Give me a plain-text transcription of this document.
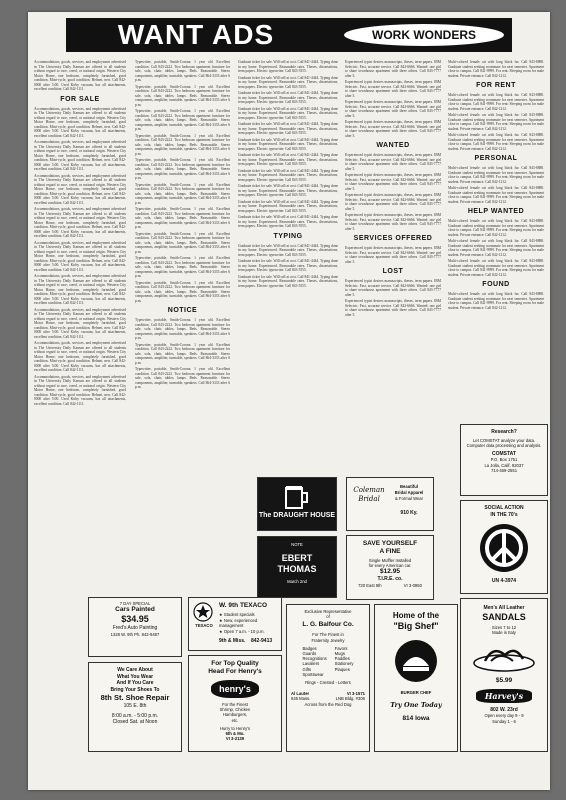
WANT ADS	WORK WONDERS

Accommodations, goods, services, and employment advertised in The University Daily Kansan are offered to all students without regard to race, creed, or national origin. Western City Motor Home, one bedroom, completely furnished, good condition. Mini-cycle, good condition. Helmet, new. Call 842-0000 after 5:00. Used Kirby vacuum, has all attachments, excellent condition. Call 842-1111.

FOR SALE

Accommodations, goods, services, and employment advertised in The University Daily Kansan are offered to all students without regard to race, creed, or national origin. Western City Motor Home, one bedroom, completely furnished, good condition. Mini-cycle, good condition. Helmet, new. Call 842-0000 after 5:00. Used Kirby vacuum, has all attachments, excellent condition. Call 842-1111.

Accommodations, goods, services, and employment advertised in The University Daily Kansan are offered to all students without regard to race, creed, or national origin. Western City Motor Home, one bedroom, completely furnished, good condition. Mini-cycle, good condition. Helmet, new. Call 842-0000 after 5:00. Used Kirby vacuum, has all attachments, excellent condition. Call 842-1111.

Accommodations, goods, services, and employment advertised in The University Daily Kansan are offered to all students without regard to race, creed, or national origin. Western City Motor Home, one bedroom, completely furnished, good condition. Mini-cycle, good condition. Helmet, new. Call 842-0000 after 5:00. Used Kirby vacuum, has all attachments, excellent condition. Call 842-1111.

Accommodations, goods, services, and employment advertised in The University Daily Kansan are offered to all students without regard to race, creed, or national origin. Western City Motor Home, one bedroom, completely furnished, good condition. Mini-cycle, good condition. Helmet, new. Call 842-0000 after 5:00. Used Kirby vacuum, has all attachments, excellent condition. Call 842-1111.

Accommodations, goods, services, and employment advertised in The University Daily Kansan are offered to all students without regard to race, creed, or national origin. Western City Motor Home, one bedroom, completely furnished, good condition. Mini-cycle, good condition. Helmet, new. Call 842-0000 after 5:00. Used Kirby vacuum, has all attachments, excellent condition. Call 842-1111.

Accommodations, goods, services, and employment advertised in The University Daily Kansan are offered to all students without regard to race, creed, or national origin. Western City Motor Home, one bedroom, completely furnished, good condition. Mini-cycle, good condition. Helmet, new. Call 842-0000 after 5:00. Used Kirby vacuum, has all attachments, excellent condition. Call 842-1111.

Accommodations, goods, services, and employment advertised in The University Daily Kansan are offered to all students without regard to race, creed, or national origin. Western City Motor Home, one bedroom, completely furnished, good condition. Mini-cycle, good condition. Helmet, new. Call 842-0000 after 5:00. Used Kirby vacuum, has all attachments, excellent condition. Call 842-1111.

Accommodations, goods, services, and employment advertised in The University Daily Kansan are offered to all students without regard to race, creed, or national origin. Western City Motor Home, one bedroom, completely furnished, good condition. Mini-cycle, good condition. Helmet, new. Call 842-0000 after 5:00. Used Kirby vacuum, has all attachments, excellent condition. Call 842-1111.

Accommodations, goods, services, and employment advertised in The University Daily Kansan are offered to all students without regard to race, creed, or national origin. Western City Motor Home, one bedroom, completely furnished, good condition. Mini-cycle, good condition. Helmet, new. Call 842-0000 after 5:00. Used Kirby vacuum, has all attachments, excellent condition. Call 842-1111.

Typewriter, portable, Smith-Corona. 1 year old. Excellent condition. Call 843-2222. Two bedroom apartment furniture for sale, sofa, chair, tables, lamps. Beds. Reasonable. Stereo components, amplifier, turntable, speakers. Call 864-3333 after 6 p.m.

Typewriter, portable, Smith-Corona. 1 year old. Excellent condition. Call 843-2222. Two bedroom apartment furniture for sale, sofa, chair, tables, lamps. Beds. Reasonable. Stereo components, amplifier, turntable, speakers. Call 864-3333 after 6 p.m.

Typewriter, portable, Smith-Corona. 1 year old. Excellent condition. Call 843-2222. Two bedroom apartment furniture for sale, sofa, chair, tables, lamps. Beds. Reasonable. Stereo components, amplifier, turntable, speakers. Call 864-3333 after 6 p.m.

Typewriter, portable, Smith-Corona. 1 year old. Excellent condition. Call 843-2222. Two bedroom apartment furniture for sale, sofa, chair, tables, lamps. Beds. Reasonable. Stereo components, amplifier, turntable, speakers. Call 864-3333 after 6 p.m.

Typewriter, portable, Smith-Corona. 1 year old. Excellent condition. Call 843-2222. Two bedroom apartment furniture for sale, sofa, chair, tables, lamps. Beds. Reasonable. Stereo components, amplifier, turntable, speakers. Call 864-3333 after 6 p.m.

Typewriter, portable, Smith-Corona. 1 year old. Excellent condition. Call 843-2222. Two bedroom apartment furniture for sale, sofa, chair, tables, lamps. Beds. Reasonable. Stereo components, amplifier, turntable, speakers. Call 864-3333 after 6 p.m.

Typewriter, portable, Smith-Corona. 1 year old. Excellent condition. Call 843-2222. Two bedroom apartment furniture for sale, sofa, chair, tables, lamps. Beds. Reasonable. Stereo components, amplifier, turntable, speakers. Call 864-3333 after 6 p.m.

Typewriter, portable, Smith-Corona. 1 year old. Excellent condition. Call 843-2222. Two bedroom apartment furniture for sale, sofa, chair, tables, lamps. Beds. Reasonable. Stereo components, amplifier, turntable, speakers. Call 864-3333 after 6 p.m.

Typewriter, portable, Smith-Corona. 1 year old. Excellent condition. Call 843-2222. Two bedroom apartment furniture for sale, sofa, chair, tables, lamps. Beds. Reasonable. Stereo components, amplifier, turntable, speakers. Call 864-3333 after 6 p.m.

Typewriter, portable, Smith-Corona. 1 year old. Excellent condition. Call 843-2222. Two bedroom apartment furniture for sale, sofa, chair, tables, lamps. Beds. Reasonable. Stereo components, amplifier, turntable, speakers. Call 864-3333 after 6 p.m.

NOTICE

Typewriter, portable, Smith-Corona. 1 year old. Excellent condition. Call 843-2222. Two bedroom apartment furniture for sale, sofa, chair, tables, lamps. Beds. Reasonable. Stereo components, amplifier, turntable, speakers. Call 864-3333 after 6 p.m.

Typewriter, portable, Smith-Corona. 1 year old. Excellent condition. Call 843-2222. Two bedroom apartment furniture for sale, sofa, chair, tables, lamps. Beds. Reasonable. Stereo components, amplifier, turntable, speakers. Call 864-3333 after 6 p.m.

Typewriter, portable, Smith-Corona. 1 year old. Excellent condition. Call 843-2222. Two bedroom apartment furniture for sale, sofa, chair, tables, lamps. Beds. Reasonable. Stereo components, amplifier, turntable, speakers. Call 864-3333 after 6 p.m.

Graduate ticket for sale. Will sell at cost. Call 841-4444. Typing done in my home. Experienced. Reasonable rates. Theses, dissertations, term papers. Electric typewriter. Call 843-5555.

Graduate ticket for sale. Will sell at cost. Call 841-4444. Typing done in my home. Experienced. Reasonable rates. Theses, dissertations, term papers. Electric typewriter. Call 843-5555.

Graduate ticket for sale. Will sell at cost. Call 841-4444. Typing done in my home. Experienced. Reasonable rates. Theses, dissertations, term papers. Electric typewriter. Call 843-5555.

Graduate ticket for sale. Will sell at cost. Call 841-4444. Typing done in my home. Experienced. Reasonable rates. Theses, dissertations, term papers. Electric typewriter. Call 843-5555.

Graduate ticket for sale. Will sell at cost. Call 841-4444. Typing done in my home. Experienced. Reasonable rates. Theses, dissertations, term papers. Electric typewriter. Call 843-5555.

Graduate ticket for sale. Will sell at cost. Call 841-4444. Typing done in my home. Experienced. Reasonable rates. Theses, dissertations, term papers. Electric typewriter. Call 843-5555.

Graduate ticket for sale. Will sell at cost. Call 841-4444. Typing done in my home. Experienced. Reasonable rates. Theses, dissertations, term papers. Electric typewriter. Call 843-5555.

Graduate ticket for sale. Will sell at cost. Call 841-4444. Typing done in my home. Experienced. Reasonable rates. Theses, dissertations, term papers. Electric typewriter. Call 843-5555.

Graduate ticket for sale. Will sell at cost. Call 841-4444. Typing done in my home. Experienced. Reasonable rates. Theses, dissertations, term papers. Electric typewriter. Call 843-5555.

Graduate ticket for sale. Will sell at cost. Call 841-4444. Typing done in my home. Experienced. Reasonable rates. Theses, dissertations, term papers. Electric typewriter. Call 843-5555.

Graduate ticket for sale. Will sell at cost. Call 841-4444. Typing done in my home. Experienced. Reasonable rates. Theses, dissertations, term papers. Electric typewriter. Call 843-5555.

TYPING

Graduate ticket for sale. Will sell at cost. Call 841-4444. Typing done in my home. Experienced. Reasonable rates. Theses, dissertations, term papers. Electric typewriter. Call 843-5555.

Graduate ticket for sale. Will sell at cost. Call 841-4444. Typing done in my home. Experienced. Reasonable rates. Theses, dissertations, term papers. Electric typewriter. Call 843-5555.

Graduate ticket for sale. Will sell at cost. Call 841-4444. Typing done in my home. Experienced. Reasonable rates. Theses, dissertations, term papers. Electric typewriter. Call 843-5555.

Experienced typist desires manuscripts, theses, term papers. IBM Selectric. Fast, accurate service. Call 842-6666. Wanted: one girl to share townhouse apartment with three others. Call 843-7777 after 5.

Experienced typist desires manuscripts, theses, term papers. IBM Selectric. Fast, accurate service. Call 842-6666. Wanted: one girl to share townhouse apartment with three others. Call 843-7777 after 5.

Experienced typist desires manuscripts, theses, term papers. IBM Selectric. Fast, accurate service. Call 842-6666. Wanted: one girl to share townhouse apartment with three others. Call 843-7777 after 5.

Experienced typist desires manuscripts, theses, term papers. IBM Selectric. Fast, accurate service. Call 842-6666. Wanted: one girl to share townhouse apartment with three others. Call 843-7777 after 5.

WANTED

Experienced typist desires manuscripts, theses, term papers. IBM Selectric. Fast, accurate service. Call 842-6666. Wanted: one girl to share townhouse apartment with three others. Call 843-7777 after 5.

Experienced typist desires manuscripts, theses, term papers. IBM Selectric. Fast, accurate service. Call 842-6666. Wanted: one girl to share townhouse apartment with three others. Call 843-7777 after 5.

Experienced typist desires manuscripts, theses, term papers. IBM Selectric. Fast, accurate service. Call 842-6666. Wanted: one girl to share townhouse apartment with three others. Call 843-7777 after 5.

Experienced typist desires manuscripts, theses, term papers. IBM Selectric. Fast, accurate service. Call 842-6666. Wanted: one girl to share townhouse apartment with three others. Call 843-7777 after 5.

SERVICES OFFERED

Experienced typist desires manuscripts, theses, term papers. IBM Selectric. Fast, accurate service. Call 842-6666. Wanted: one girl to share townhouse apartment with three others. Call 843-7777 after 5.

LOST

Experienced typist desires manuscripts, theses, term papers. IBM Selectric. Fast, accurate service. Call 842-6666. Wanted: one girl to share townhouse apartment with three others. Call 843-7777 after 5.

Experienced typist desires manuscripts, theses, term papers. IBM Selectric. Fast, accurate service. Call 842-6666. Wanted: one girl to share townhouse apartment with three others. Call 843-7777 after 5.

Multi-colored female cat with long black fur. Call 843-8888. Graduate student seeking roommate for next semester. Apartment close to campus. Call 841-9999. For rent: Sleeping room for male student. Private entrance. Call 842-1212.

FOR RENT

Multi-colored female cat with long black fur. Call 843-8888. Graduate student seeking roommate for next semester. Apartment close to campus. Call 841-9999. For rent: Sleeping room for male student. Private entrance. Call 842-1212.

Multi-colored female cat with long black fur. Call 843-8888. Graduate student seeking roommate for next semester. Apartment close to campus. Call 841-9999. For rent: Sleeping room for male student. Private entrance. Call 842-1212.

Multi-colored female cat with long black fur. Call 843-8888. Graduate student seeking roommate for next semester. Apartment close to campus. Call 841-9999. For rent: Sleeping room for male student. Private entrance. Call 842-1212.

PERSONAL

Multi-colored female cat with long black fur. Call 843-8888. Graduate student seeking roommate for next semester. Apartment close to campus. Call 841-9999. For rent: Sleeping room for male student. Private entrance. Call 842-1212.

Multi-colored female cat with long black fur. Call 843-8888. Graduate student seeking roommate for next semester. Apartment close to campus. Call 841-9999. For rent: Sleeping room for male student. Private entrance. Call 842-1212.

HELP WANTED

Multi-colored female cat with long black fur. Call 843-8888. Graduate student seeking roommate for next semester. Apartment close to campus. Call 841-9999. For rent: Sleeping room for male student. Private entrance. Call 842-1212.

Multi-colored female cat with long black fur. Call 843-8888. Graduate student seeking roommate for next semester. Apartment close to campus. Call 841-9999. For rent: Sleeping room for male student. Private entrance. Call 842-1212.

Multi-colored female cat with long black fur. Call 843-8888. Graduate student seeking roommate for next semester. Apartment close to campus. Call 841-9999. For rent: Sleeping room for male student. Private entrance. Call 842-1212.

FOUND

Multi-colored female cat with long black fur. Call 843-8888. Graduate student seeking roommate for next semester. Apartment close to campus. Call 841-9999. For rent: Sleeping room for male student. Private entrance. Call 842-1212.

7 DAY SPECIAL
Cars Painted
$34.95
Fred's Auto Painting
1328 W. 9th Ph. 842-9487
We Care About
What You Wear
And If You Care
Bring Your Shoes To
8th St. Shoe Repair
105 E. 8th
8:00 a.m. - 5:00 p.m.
Closed Sat. at Noon
TEXACO
W. 9th TEXACO
★ Student specials
★ New, experienced management
★ Open 7 a.m. - 10 p.m.
9th & Miss. 842-9413
For Top Quality
Head For Henry's
henry's
For the Finest
Shrimp, Chicken
Hamburgers,
etc.
Hurry to Henry's
6th & Mo.
VI 3-2139
The DRAUGHT HOUSE
NOTE
EBERT
THOMAS
March 2nd
Exclusive Representative
of
L. G. Balfour Co.
For The Finest in
Fraternity Jewelry
Badges
Guards
Recognitions
Lavaliers
Gifts
Sportswear
Favors
Mugs
Paddles
Stationery
Plaques
Rings - Crested - Letters
Al Lauter	VI 3-1571
645 Mass.	LNB Bldg. #306
Across from the Red Dog
Coleman Bridal
Beautiful
Bridal Apparel
& Formal Wear
910 Ky.
SAVE YOURSELF
A FINE
Single Muffler Installed
for every American car.
$12.95
T.I.R.E. co.
720 East 9th	VI 3-0950
Home of the
"Big Shef"
BURGER CHEF
Try One Today
814 Iowa
Research?
Let COMSTAT analyze your data.
Computer data processing and analysis.
COMSTAT
P.O. Box 1751
La Jolla, Calif. 92037
714-459-2551
SOCIAL ACTION
IN THE 70's
UN 4-3974
Men's All Leather
SANDALS
Sizes 7 to 12
Made in Italy
$5.99
Harvey's
802 W. 23rd
Open every day 9 - 9
Sunday 1 - 6
